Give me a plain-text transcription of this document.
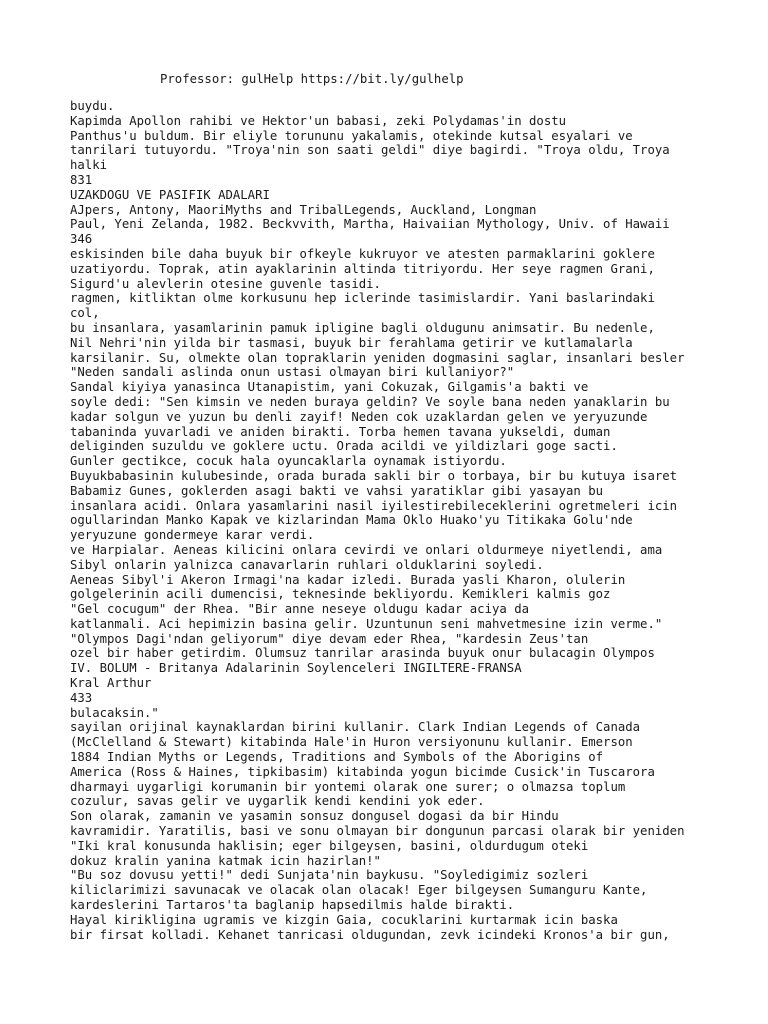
Professor: gulHelp https://bit.ly/gulhelp
buydu.
Kapimda Apollon rahibi ve Hektor'un babasi, zeki Polydamas'in dostu
Panthus'u buldum. Bir eliyle torununu yakalamis, otekinde kutsal esyalari ve
tanrilari tutuyordu. "Troya'nin son saati geldi" diye bagirdi. "Troya oldu, Troya
halki
831
UZAKDOGU VE PASIFIK ADALARI
AJpers, Antony, MaoriMyths and TribalLegends, Auckland, Longman
Paul, Yeni Zelanda, 1982. Beckvvith, Martha, Haivaiian Mythology, Univ. of Hawaii
346
eskisinden bile daha buyuk bir ofkeyle kukruyor ve atesten parmaklarini goklere
uzatiyordu. Toprak, atin ayaklarinin altinda titriyordu. Her seye ragmen Grani,
Sigurd'u alevlerin otesine guvenle tasidi.
ragmen, kitliktan olme korkusunu hep iclerinde tasimislardir. Yani baslarindaki
col,
bu insanlara, yasamlarinin pamuk ipligine bagli oldugunu animsatir. Bu nedenle,
Nil Nehri'nin yilda bir tasmasi, buyuk bir ferahlama getirir ve kutlamalarla
karsilanir. Su, olmekte olan topraklarin yeniden dogmasini saglar, insanlari besler
"Neden sandali aslinda onun ustasi olmayan biri kullaniyor?"
Sandal kiyiya yanasinca Utanapistim, yani Cokuzak, Gilgamis'a bakti ve
soyle dedi: "Sen kimsin ve neden buraya geldin? Ve soyle bana neden yanaklarin bu
kadar solgun ve yuzun bu denli zayif! Neden cok uzaklardan gelen ve yeryuzunde
tabaninda yuvarladi ve aniden birakti. Torba hemen tavana yukseldi, duman
deliginden suzuldu ve goklere uctu. Orada acildi ve yildizlari goge sacti.
Gunler gectikce, cocuk hala oyuncaklarla oynamak istiyordu.
Buyukbabasinin kulubesinde, orada burada sakli bir o torbaya, bir bu kutuya isaret
Babamiz Gunes, goklerden asagi bakti ve vahsi yaratiklar gibi yasayan bu
insanlara acidi. Onlara yasamlarini nasil iyilestirebileceklerini ogretmeleri icin
ogullarindan Manko Kapak ve kizlarindan Mama Oklo Huako'yu Titikaka Golu'nde
yeryuzune gondermeye karar verdi.
ve Harpialar. Aeneas kilicini onlara cevirdi ve onlari oldurmeye niyetlendi, ama
Sibyl onlarin yalnizca canavarlarin ruhlari olduklarini soyledi.
Aeneas Sibyl'i Akeron Irmagi'na kadar izledi. Burada yasli Kharon, olulerin
golgelerinin acili dumencisi, teknesinde bekliyordu. Kemikleri kalmis goz
"Gel cocugum" der Rhea. "Bir anne neseye oldugu kadar aciya da
katlanmali. Aci hepimizin basina gelir. Uzuntunun seni mahvetmesine izin verme."
"Olympos Dagi'ndan geliyorum" diye devam eder Rhea, "kardesin Zeus'tan
ozel bir haber getirdim. Olumsuz tanrilar arasinda buyuk onur bulacagin Olympos
IV. BOLUM - Britanya Adalarinin Soylenceleri INGILTERE-FRANSA
Kral Arthur
433
bulacaksin."
sayilan orijinal kaynaklardan birini kullanir. Clark Indian Legends of Canada
(McClelland & Stewart) kitabinda Hale'in Huron versiyonunu kullanir. Emerson
1884 Indian Myths or Legends, Traditions and Symbols of the Aborigins of
America (Ross & Haines, tipkibasim) kitabinda yogun bicimde Cusick'in Tuscarora
dharmayi uygarligi korumanin bir yontemi olarak one surer; o olmazsa toplum
cozulur, savas gelir ve uygarlik kendi kendini yok eder.
Son olarak, zamanin ve yasamin sonsuz dongusel dogasi da bir Hindu
kavramidir. Yaratilis, basi ve sonu olmayan bir dongunun parcasi olarak bir yeniden
"Iki kral konusunda haklisin; eger bilgeysen, basini, oldurdugum oteki
dokuz kralin yanina katmak icin hazirlan!"
"Bu soz dovusu yetti!" dedi Sunjata'nin baykusu. "Soyledigimiz sozleri
kiliclarimizi savunacak ve olacak olan olacak! Eger bilgeysen Sumanguru Kante,
kardeslerini Tartaros'ta baglanip hapsedilmis halde birakti.
Hayal kirikligina ugramis ve kizgin Gaia, cocuklarini kurtarmak icin baska
bir firsat kolladi. Kehanet tanricasi oldugundan, zevk icindeki Kronos'a bir gun,
